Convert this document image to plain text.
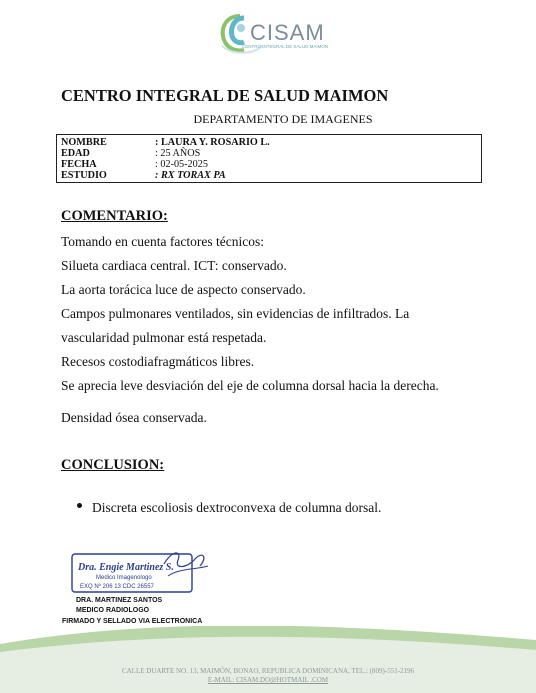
CISAM
CENTRO INTEGRAL DE SALUD MAIMON
CENTRO INTEGRAL DE SALUD MAIMON
DEPARTAMENTO DE IMAGENES
NOMBRE	: LAURA Y. ROSARIO L.
EDAD	: 25 AÑOS
FECHA	: 02-05-2025
ESTUDIO	: RX TORAX PA
COMENTARIO:
Tomando en cuenta factores técnicos:
Silueta cardiaca central. ICT: conservado.
La aorta torácica luce de aspecto conservado.
Campos pulmonares ventilados, sin evidencias de infiltrados. La
vascularidad pulmonar está respetada.
Recesos costodiafragmáticos libres.
Se aprecia leve desviación del eje de columna dorsal hacia la derecha.
Densidad ósea conservada.
CONCLUSION:
Discreta escoliosis dextroconvexa de columna dorsal.
Dra. Engie Martinez S.
Medico Imagenologo
EXQ Nº 206 13 CDC 26557
DRA. MARTINEZ SANTOS
MEDICO RADIOLOGO
FIRMADO Y SELLADO VIA ELECTRONICA
CALLE DUARTE NO. 13, MAIMÓN, BONAO, REPUBLICA DOMINICANA, TEL.: (809)-551-2196
E-MAIL: CISAM.DO@HOTMAIL .COM
